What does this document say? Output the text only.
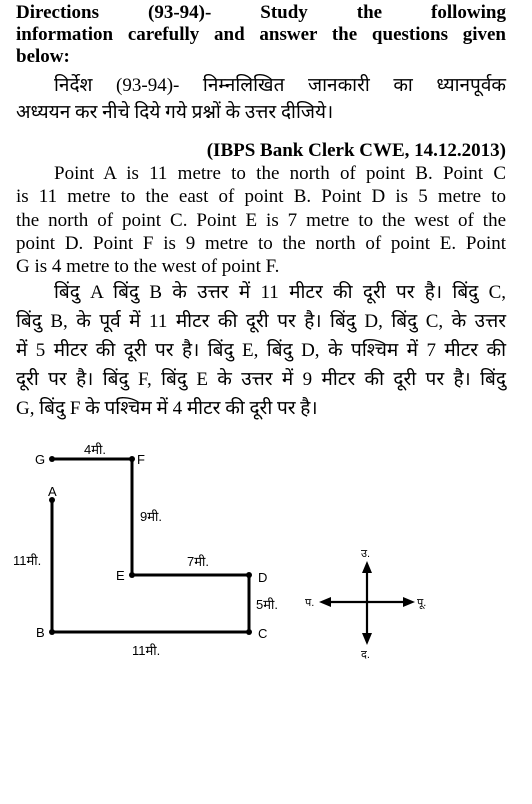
Directions (93-94)- Study the following
information carefully and answer the questions given
below:
निर्देश (93-94)- निम्नलिखित जानकारी का ध्यानपूर्वक
अध्ययन कर नीचे दिये गये प्रश्नों के उत्तर दीजिये।
(IBPS Bank Clerk CWE, 14.12.2013)
Point A is 11 metre to the north of point B. Point C
is 11 metre to the east of point B. Point D is 5 metre to
the north of point C. Point E is 7 metre to the west of the
point D. Point F is 9 metre to the north of point E. Point
G is 4 metre to the west of point F.
बिंदु A बिंदु B के उत्तर में 11 मीटर की दूरी पर है। बिंदु C,
बिंदु B, के पूर्व में 11 मीटर की दूरी पर है। बिंदु D, बिंदु C, के उत्तर
में 5 मीटर की दूरी पर है। बिंदु E, बिंदु D, के पश्चिम में 7 मीटर की
दूरी पर है। बिंदु F, बिंदु E के उत्तर में 9 मीटर की दूरी पर है। बिंदु
G, बिंदु F के पश्चिम में 4 मीटर की दूरी पर है।
G	F
A
E	D
B	C
4मी.
9मी.
11मी.	7मी.
5मी.
11मी.
उ.
द.
पू.
प.
